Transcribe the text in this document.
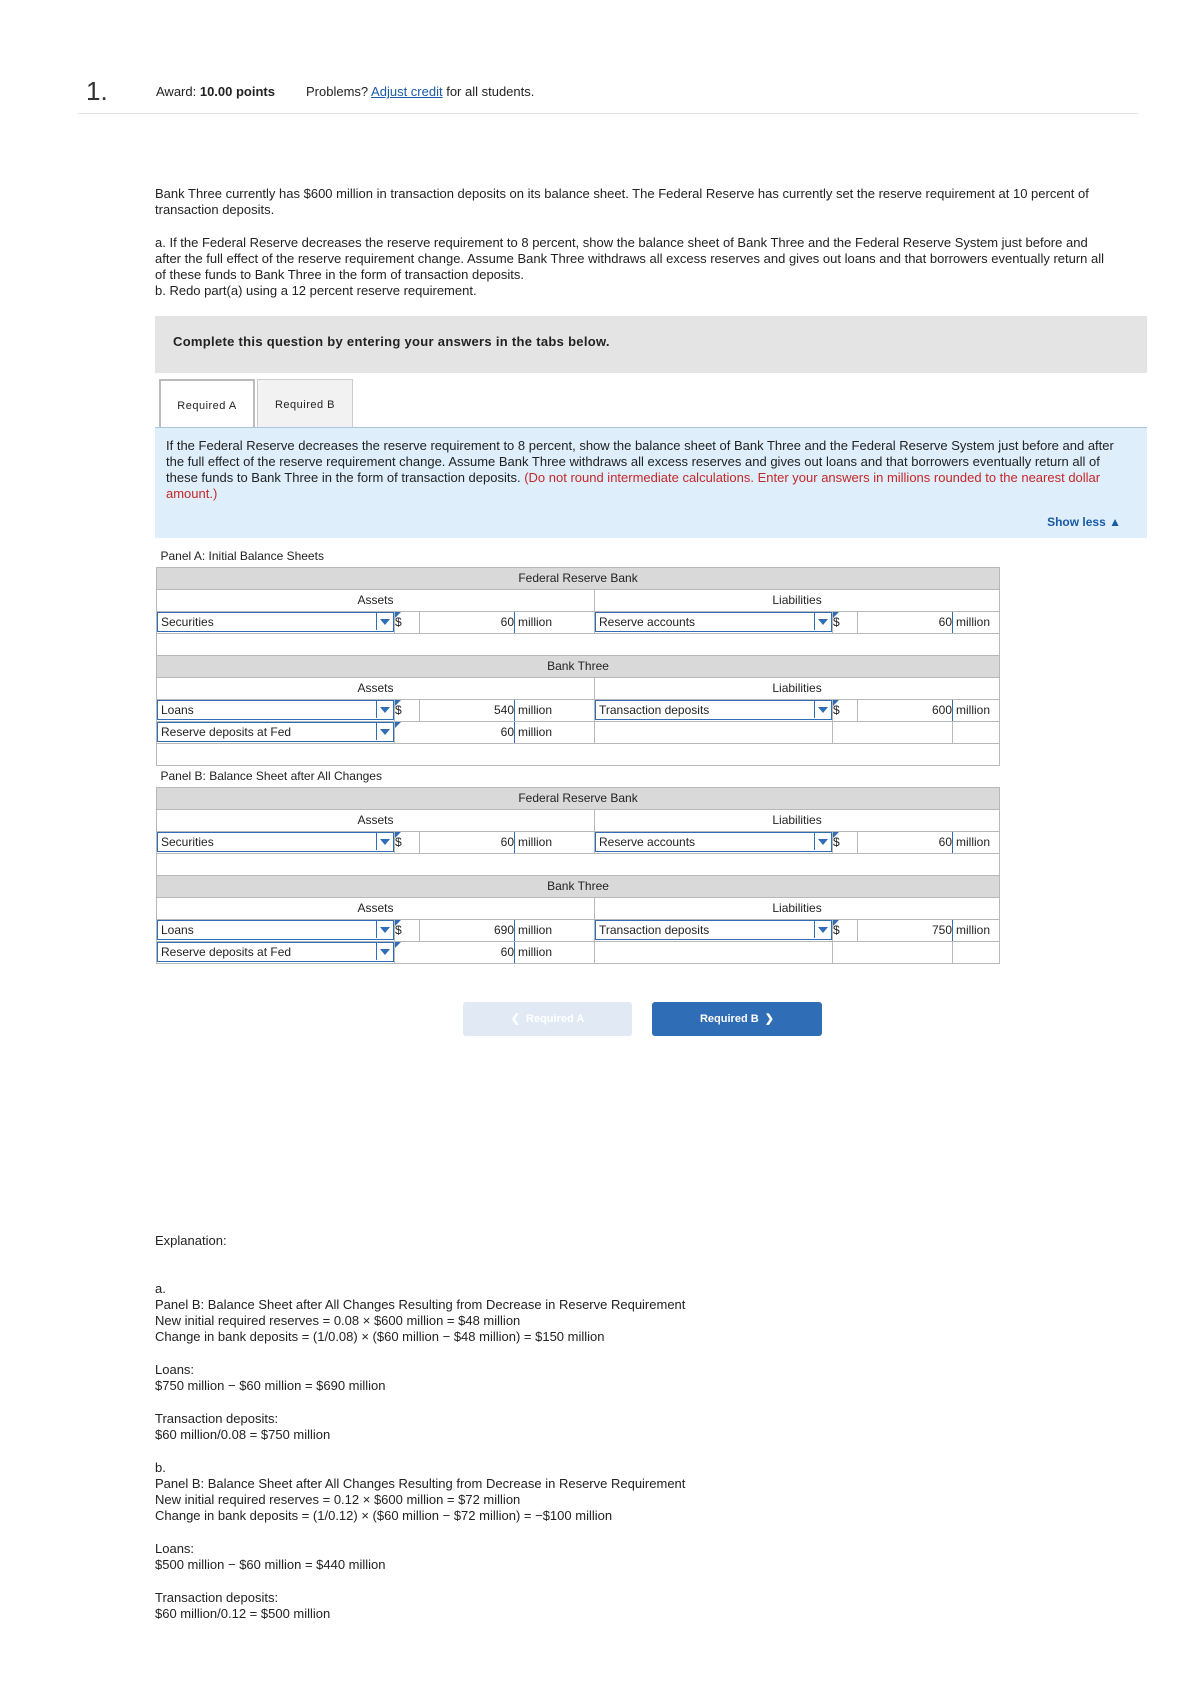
1.	Award: 10.00 points Problems? Adjust credit for all students.

Bank Three currently has $600 million in transaction deposits on its balance sheet. The Federal Reserve has currently set the reserve requirement at 10 percent of transaction deposits.

a. If the Federal Reserve decreases the reserve requirement to 8 percent, show the balance sheet of Bank Three and the Federal Reserve System just before and after the full effect of the reserve requirement change. Assume Bank Three withdraws all excess reserves and gives out loans and that borrowers eventually return all of these funds to Bank Three in the form of transaction deposits.

b. Redo part(a) using a 12 percent reserve requirement.

Complete this question by entering your answers in the tabs below.
Required A	Required B
If the Federal Reserve decreases the reserve requirement to 8 percent, show the balance sheet of Bank Three and the Federal Reserve System just before and after the full effect of the reserve requirement change. Assume Bank Three withdraws all excess reserves and gives out loans and that borrowers eventually return all of these funds to Bank Three in the form of transaction deposits. (Do not round intermediate calculations. Enter your answers in millions rounded to the nearest dollar amount.)
Show less ▲
Panel A: Initial Balance Sheets							
Federal Reserve Bank							
Assets				Liabilities			

Securities	$	60	million	Reserve accounts	$	60	million

Bank Three							
Assets				Liabilities			

Loans	$	540	million	Transaction deposits	$	600	million

Reserve deposits at Fed	60		million				

Panel B: Balance Sheet after All Changes							
Federal Reserve Bank							
Assets				Liabilities			

Securities	$	60	million	Reserve accounts	$	60	million

Bank Three							
Assets				Liabilities			

Loans	$	690	million	Transaction deposits	$	750	million

Reserve deposits at Fed	60		million				
❮  Required A	Required B  ❯
Explanation:
a.
Panel B: Balance Sheet after All Changes Resulting from Decrease in Reserve Requirement
New initial required reserves = 0.08 × $600 million = $48 million
Change in bank deposits = (1/0.08) × ($60 million − $48 million) = $150 million
Loans:
$750 million − $60 million = $690 million
Transaction deposits:
$60 million/0.08 = $750 million
b.
Panel B: Balance Sheet after All Changes Resulting from Decrease in Reserve Requirement
New initial required reserves = 0.12 × $600 million = $72 million
Change in bank deposits = (1/0.12) × ($60 million − $72 million) = −$100 million
Loans:
$500 million − $60 million = $440 million
Transaction deposits:
$60 million/0.12 = $500 million
